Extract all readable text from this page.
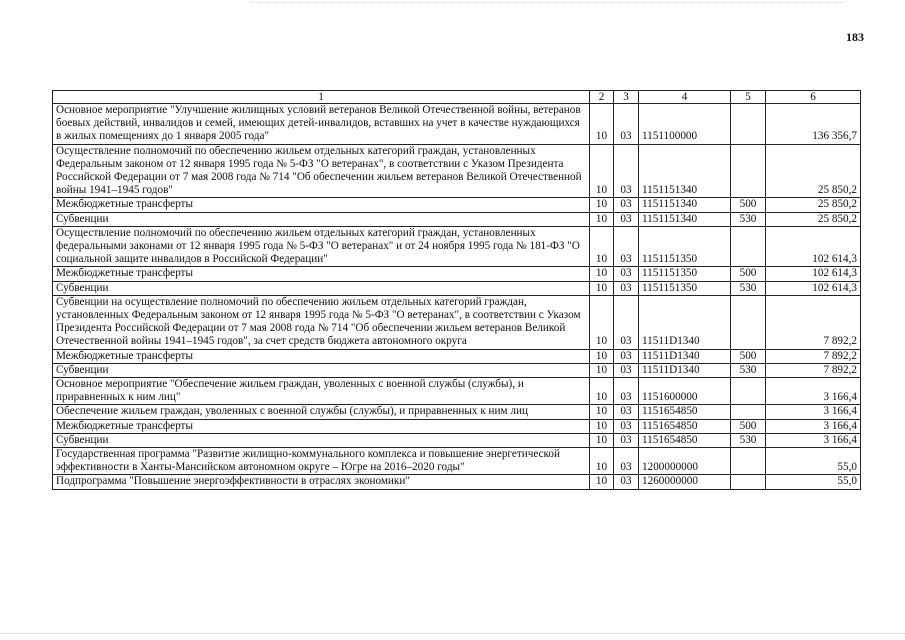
183
1	2	3	4	5	6
Основное мероприятие "Улучшение жилищных условий ветеранов Великой Отечественной войны, ветеранов боевых действий, инвалидов и семей, имеющих детей-инвалидов, вставших на учет в качестве нуждающихся в жилых помещениях до 1 января 2005 года"	10	03	1151100000		136 356,7
Осуществление полномочий по обеспечению жильем отдельных категорий граждан, установленных Федеральным законом от 12 января 1995 года № 5-ФЗ "О ветеранах", в соответствии с Указом Президента Российской Федерации от 7 мая 2008 года № 714 "Об обеспечении жильем ветеранов Великой Отечественной войны 1941–1945 годов"	10	03	1151151340		25 850,2
Межбюджетные трансферты	10	03	1151151340	500	25 850,2
Субвенции	10	03	1151151340	530	25 850,2
Осуществление полномочий по обеспечению жильем отдельных категорий граждан, установленных федеральными законами от 12 января 1995 года № 5-ФЗ "О ветеранах" и от 24 ноября 1995 года № 181-ФЗ "О социальной защите инвалидов в Российской Федерации"	10	03	1151151350		102 614,3
Межбюджетные трансферты	10	03	1151151350	500	102 614,3
Субвенции	10	03	1151151350	530	102 614,3
Субвенции на осуществление полномочий по обеспечению жильем отдельных категорий граждан, установленных Федеральным законом от 12 января 1995 года № 5-ФЗ "О ветеранах", в соответствии с Указом Президента Российской Федерации от 7 мая 2008 года № 714 "Об обеспечении жильем ветеранов Великой Отечественной войны 1941–1945 годов", за счет средств бюджета автономного округа	10	03	11511D1340		7 892,2
Межбюджетные трансферты	10	03	11511D1340	500	7 892,2
Субвенции	10	03	11511D1340	530	7 892,2
Основное мероприятие "Обеспечение жильем граждан, уволенных с военной службы (службы), и приравненных к ним лиц"	10	03	1151600000		3 166,4
Обеспечение жильем граждан, уволенных с военной службы (службы), и приравненных к ним лиц	10	03	1151654850		3 166,4
Межбюджетные трансферты	10	03	1151654850	500	3 166,4
Субвенции	10	03	1151654850	530	3 166,4
Государственная программа "Развитие жилищно-коммунального комплекса и повышение энергетической эффективности в Ханты-Мансийском автономном округе – Югре на 2016–2020 годы"	10	03	1200000000		55,0
Подпрограмма "Повышение энергоэффективности в отраслях экономики"	10	03	1260000000		55,0
